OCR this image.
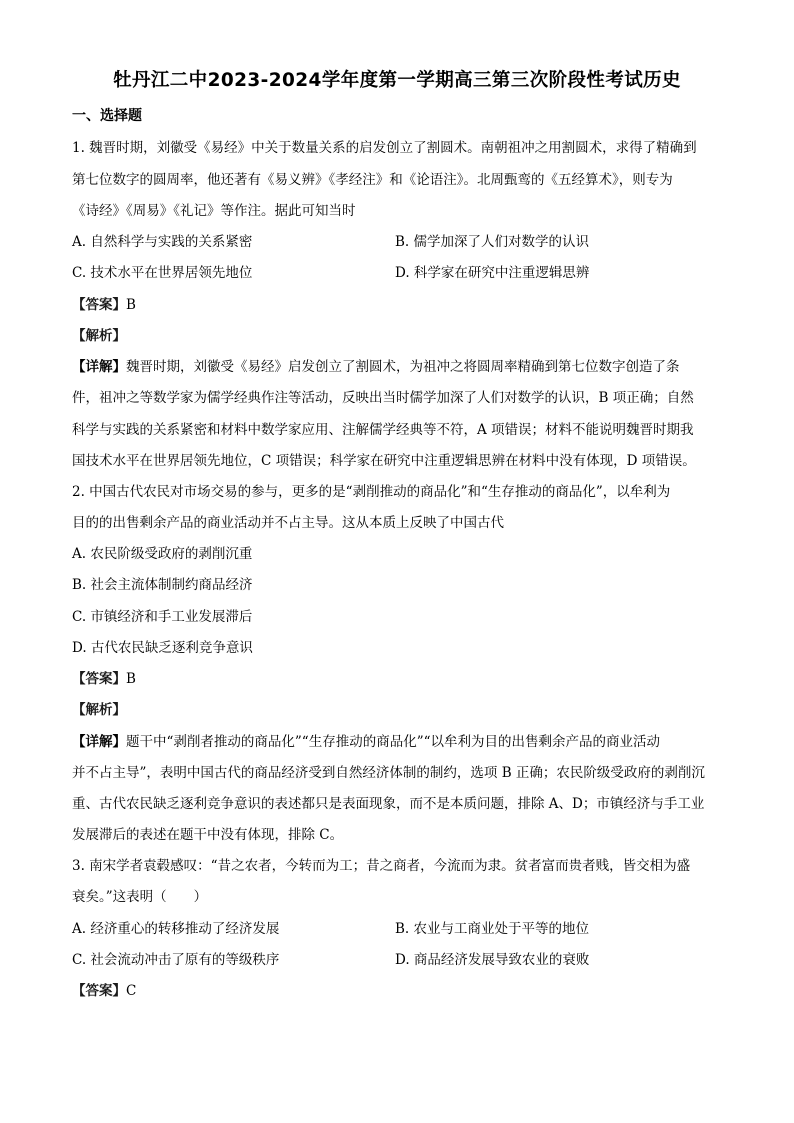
牡丹江二中2023-2024学年度第一学期高三第三次阶段性考试历史
一、选择题
1. 魏晋时期，刘徽受《易经》中关于数量关系的启发创立了割圆术。南朝祖冲之用割圆术，求得了精确到
第七位数字的圆周率，他还著有《易义辨》《孝经注》和《论语注》。北周甄鸾的《五经算术》，则专为
《诗经》《周易》《礼记》等作注。据此可知当时
A. 自然科学与实践的关系紧密	B. 儒学加深了人们对数学的认识
C. 技术水平在世界居领先地位	D. 科学家在研究中注重逻辑思辨
【答案】B
【解析】
【详解】魏晋时期，刘徽受《易经》启发创立了割圆术，为祖冲之将圆周率精确到第七位数字创造了条
件，祖冲之等数学家为儒学经典作注等活动，反映出当时儒学加深了人们对数学的认识，B 项正确；自然
科学与实践的关系紧密和材料中数学家应用、注解儒学经典等不符，A 项错误；材料不能说明魏晋时期我
国技术水平在世界居领先地位，C 项错误；科学家在研究中注重逻辑思辨在材料中没有体现，D 项错误。
2. 中国古代农民对市场交易的参与，更多的是“剥削推动的商品化”和“生存推动的商品化”，以牟利为
目的的出售剩余产品的商业活动并不占主导。这从本质上反映了中国古代
A. 农民阶级受政府的剥削沉重
B. 社会主流体制制约商品经济
C. 市镇经济和手工业发展滞后
D. 古代农民缺乏逐利竞争意识
【答案】B
【解析】
【详解】题干中“剥削者推动的商品化”“生存推动的商品化”“以牟利为目的出售剩余产品的商业活动
并不占主导”，表明中国古代的商品经济受到自然经济体制的制约，选项 B 正确；农民阶级受政府的剥削沉
重、古代农民缺乏逐利竞争意识的表述都只是表面现象，而不是本质问题，排除 A、D；市镇经济与手工业
发展滞后的表述在题干中没有体现，排除 C。
3. 南宋学者袁毂感叹：“昔之农者，今转而为工；昔之商者，今流而为隶。贫者富而贵者贱，皆交相为盛
衰矣。”这表明（　　）
A. 经济重心的转移推动了经济发展	B. 农业与工商业处于平等的地位
C. 社会流动冲击了原有的等级秩序	D. 商品经济发展导致农业的衰败
【答案】C
